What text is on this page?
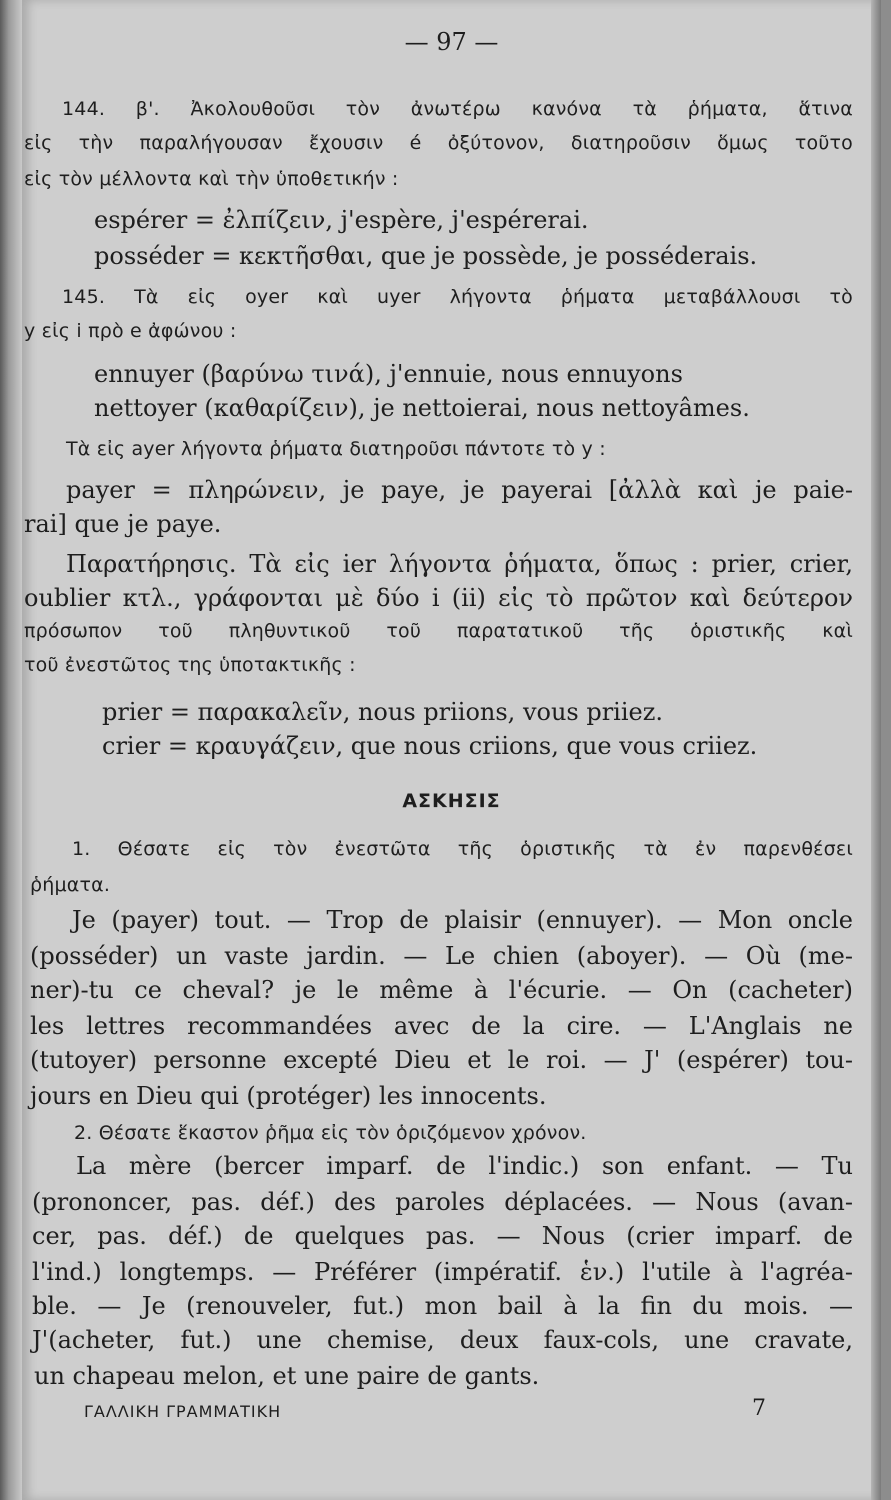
— 97 —
144. β'. Ἀκολουθοῦσι τὸν ἀνωτέρω κανόνα τὰ ῥήματα, ἅτινα
εἰς τὴν παραλήγουσαν ἔχουσιν é ὀξύτονον, διατηροῦσιν ὅμως τοῦτο
εἰς τὸν μέλλοντα καὶ τὴν ὑποθετικήν :
espérer = ἐλπίζειν, j'espère, j'espérerai.
posséder = κεκτῆσθαι, que je possède, je posséderais.
145. Τὰ εἰς oyer καὶ uyer λήγοντα ῥήματα μεταβάλλουσι τὸ
y εἰς i πρὸ e ἀφώνου :
ennuyer (βαρύνω τινά), j'ennuie, nous ennuyons
nettoyer (καθαρίζειν), je nettoierai, nous nettoyâmes.
Τὰ εἰς ayer λήγοντα ῥήματα διατηροῦσι πάντοτε τὸ y :
payer = πληρώνειν, je paye, je payerai [ἀλλὰ καὶ je paie-
rai] que je paye.
Παρατήρησις. Τὰ εἰς ier λήγοντα ῥήματα, ὅπως : prier, crier,
oublier κτλ., γράφονται μὲ δύο i (ii) εἰς τὸ πρῶτον καὶ δεύτερον
πρόσωπον τοῦ πληθυντικοῦ τοῦ παρατατικοῦ τῆς ὁριστικῆς καὶ
τοῦ ἐνεστῶτος της ὑποτακτικῆς :
prier = παρακαλεῖν, nous priions, vous priiez.
crier = κραυγάζειν, que nous criions, que vous criiez.
ΑΣΚΗΣΙΣ
1. Θέσατε εἰς τὸν ἐνεστῶτα τῆς ὁριστικῆς τὰ ἐν παρενθέσει
ῥήματα.
Je (payer) tout. — Trop de plaisir (ennuyer). — Mon oncle
(posséder) un vaste jardin. — Le chien (aboyer). — Où (me-
ner)-tu ce cheval? je le même à l'écurie. — On (cacheter)
les lettres recommandées avec de la cire. — L'Anglais ne
(tutoyer) personne excepté Dieu et le roi. — J' (espérer) tou-
jours en Dieu qui (protéger) les innocents.
2. Θέσατε ἕκαστον ῥῆμα εἰς τὸν ὁριζόμενον χρόνον.
La mère (bercer imparf. de l'indic.) son enfant. — Tu
(prononcer, pas. déf.) des paroles déplacées. — Nous (avan-
cer, pas. déf.) de quelques pas. — Nous (crier imparf. de
l'ind.) longtemps. — Préférer (impératif. ἑν.) l'utile à l'agréa-
ble. — Je (renouveler, fut.) mon bail à la fin du mois. —
J'(acheter, fut.) une chemise, deux faux-cols, une cravate,
un chapeau melon, et une paire de gants.
ΓΑΛΛΙΚΗ ΓΡΑΜΜΑΤΙΚΗ	7
